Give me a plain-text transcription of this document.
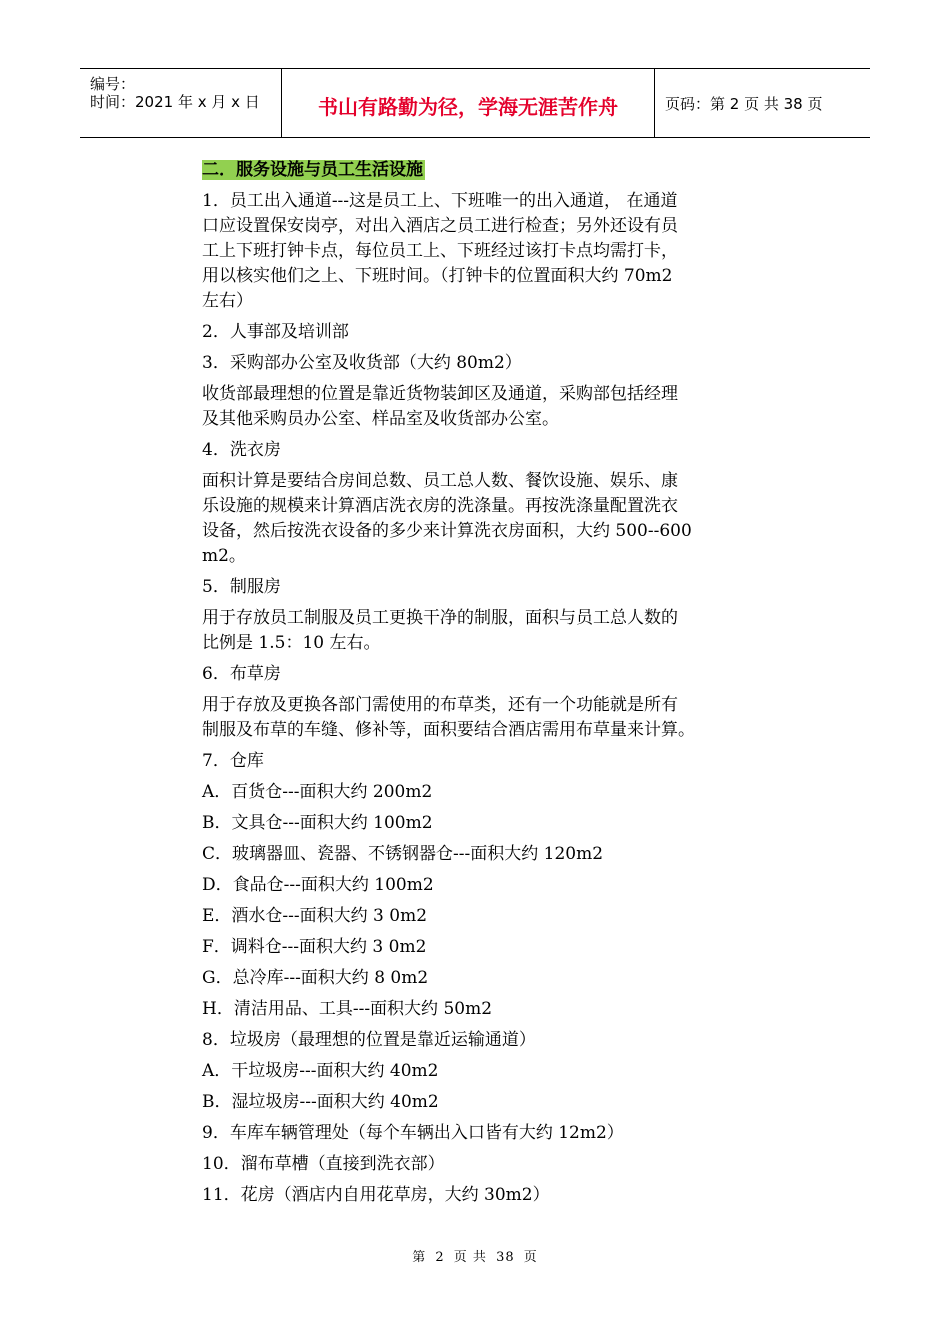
编号：
时间：2021 年 x 月 x 日	书山有路勤为径，学海无涯苦作舟	页码：第 2 页 共 38 页
二．服务设施与员工生活设施
1．员工出入通道---这是员工上、下班唯一的出入通道， 在通道
口应设置保安岗亭，对出入酒店之员工进行检查；另外还设有员
工上下班打钟卡点，每位员工上、下班经过该打卡点均需打卡，
用以核实他们之上、下班时间。（打钟卡的位置面积大约 70m2
左右）
2．人事部及培训部
3．采购部办公室及收货部（大约 80m2）
收货部最理想的位置是靠近货物装卸区及通道，采购部包括经理
及其他采购员办公室、样品室及收货部办公室。
4．洗衣房
面积计算是要结合房间总数、员工总人数、餐饮设施、娱乐、康
乐设施的规模来计算酒店洗衣房的洗涤量。再按洗涤量配置洗衣
设备，然后按洗衣设备的多少来计算洗衣房面积，大约 500--600
m2。
5．制服房
用于存放员工制服及员工更换干净的制服，面积与员工总人数的
比例是 1.5：10 左右。
6．布草房
用于存放及更换各部门需使用的布草类，还有一个功能就是所有
制服及布草的车缝、修补等，面积要结合酒店需用布草量来计算。
7．仓库
A．百货仓---面积大约 200m2
B．文具仓---面积大约 100m2
C．玻璃器皿、瓷器、不锈钢器仓---面积大约 120m2
D．食品仓---面积大约 100m2
E．酒水仓---面积大约 3 0m2
F．调料仓---面积大约 3 0m2
G．总冷库---面积大约 8 0m2
H．清洁用品、工具---面积大约 50m2
8．垃圾房（最理想的位置是靠近运输通道）
A．干垃圾房---面积大约 40m2
B．湿垃圾房---面积大约 40m2
9．车库车辆管理处（每个车辆出入口皆有大约 12m2）
10．溜布草槽（直接到洗衣部）
11．花房（酒店内自用花草房，大约 30m2）
第 2 页 共 38 页
